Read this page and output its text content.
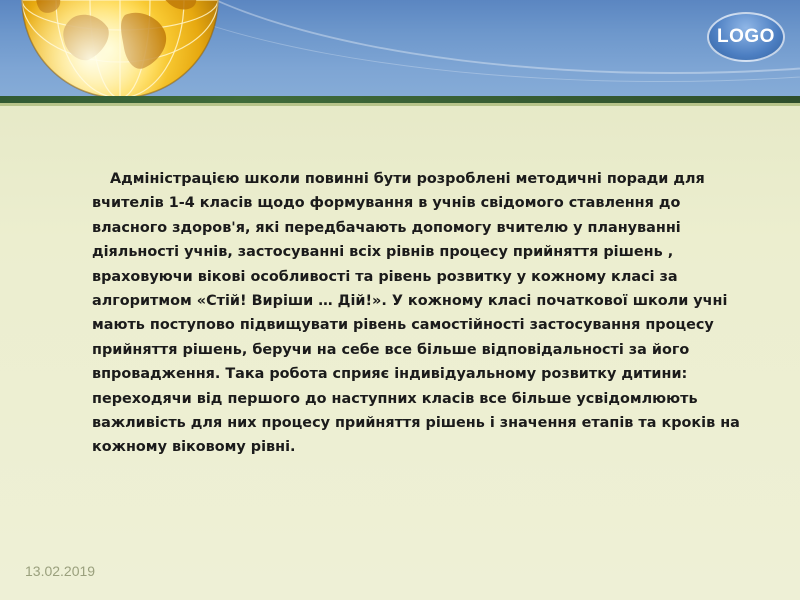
LOGO

Адміністрацією школи повинні бути розроблені методичні поради для вчителів 1-4 класів щодо формування в учнів свідомого ставлення до власного здоров'я, які передбачають допомогу вчителю у плануванні діяльності учнів, застосуванні всіх рівнів процесу прийняття рішень , враховуючи вікові особливості та рівень розвитку у кожному класі за алгоритмом «Стій! Виріши … Дій!». У кожному класі початкової школи учні мають поступово підвищувати рівень самостійності застосування процесу прийняття рішень, беручи на себе все більше відповідальності за його впровадження. Така робота сприяє індивідуальному розвитку дитини: переходячи від першого до наступних класів все більше усвідомлюють важливість для них процесу прийняття рішень і значення етапів та кроків на кожному віковому рівні.

13.02.2019
